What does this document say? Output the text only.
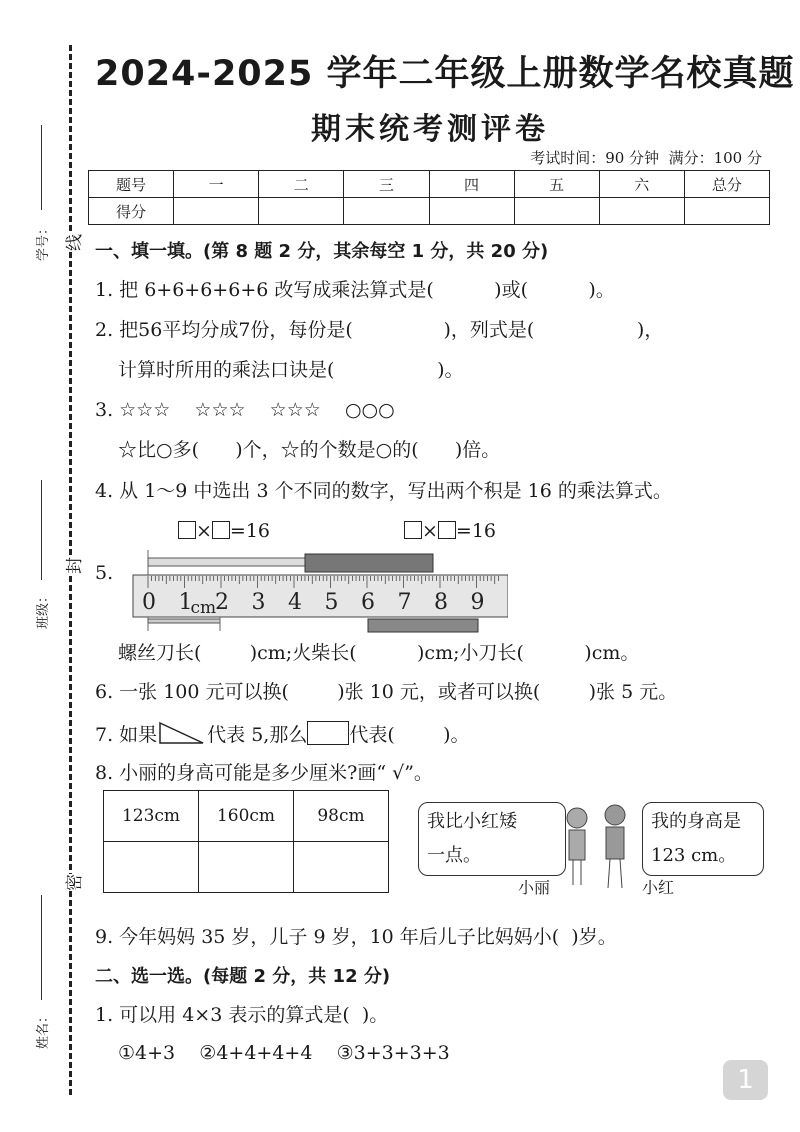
2024-2025 学年二年级上册数学名校真题
期末统考测评卷
考试时间：90 分钟  满分：100 分
题号	一	二	三	四	五	六	总分
得分							
学号：
班级：
姓名：
线
封
密
一、填一填。(第 8 题 2 分，其余每空 1 分，共 20 分)
1. 把 6+6+6+6+6 改写成乘法算式是(          )或(          )。
2. 把56平均分成7份，每份是(               )，列式是(                 )，
计算时所用的乘法口诀是(                 )。
3. ☆☆☆    ☆☆☆    ☆☆☆    ○○○
☆比○多(      )个，☆的个数是○的(      )倍。
4. 从 1～9 中选出 3 个不同的数字，写出两个积是 16 的乘法算式。
× =16	× =16
5.
0 1 2 3 4 5 6 7 8 9
cm
螺丝刀长(        )cm;火柴长(          )cm;小刀长(          )cm。
6. 一张 100 元可以换(        )张 10 元，或者可以换(        )张 5 元。
7. 如果	代表 5,那么 代表(        )。
8. 小丽的身高可能是多少厘米?画“ √”。
123cm	160cm	98cm
			我比小红矮
一点。
我的身高是
123 cm。
小丽	小红
9. 今年妈妈 35 岁，儿子 9 岁，10 年后儿子比妈妈小(  )岁。
二、选一选。(每题 2 分，共 12 分)
1. 可以用 4×3 表示的算式是(  )。
①4+3    ②4+4+4+4    ③3+3+3+3
1
